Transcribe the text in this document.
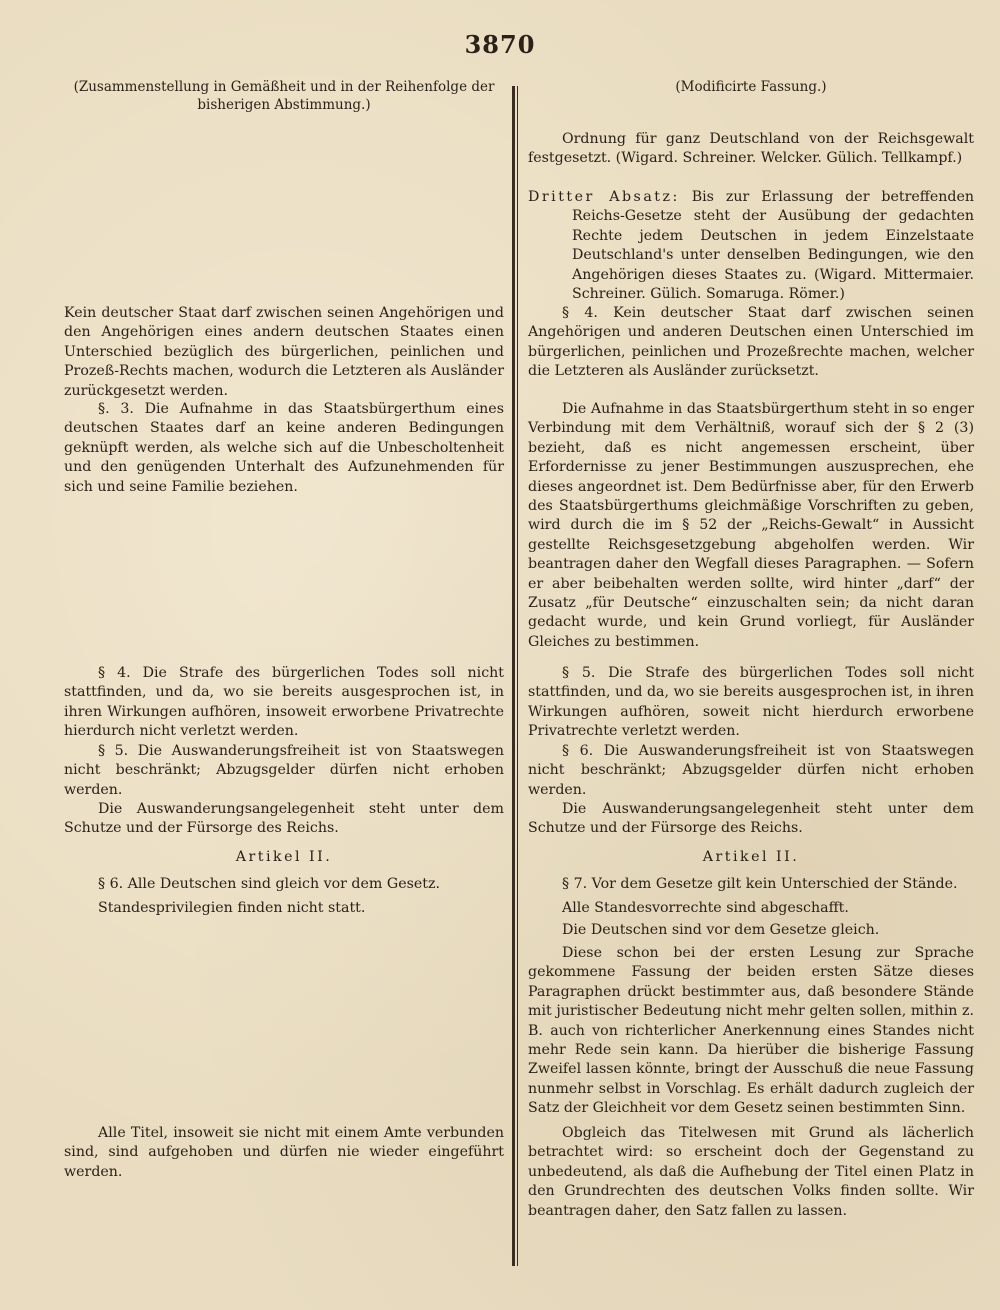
3870

(Zusammenstellung in Gemäßheit und in der Reihenfolge der bisherigen Abstimmung.)

Kein deutscher Staat darf zwischen seinen Angehörigen und den Angehörigen eines andern deutschen Staates einen Unterschied bezüglich des bürgerlichen, peinlichen und Prozeß-Rechts machen, wodurch die Letzteren als Ausländer zurückgesetzt werden.

§. 3. Die Aufnahme in das Staatsbürgerthum eines deutschen Staates darf an keine anderen Bedingungen geknüpft werden, als welche sich auf die Unbescholtenheit und den genügenden Unterhalt des Aufzunehmenden für sich und seine Familie beziehen.

§ 4. Die Strafe des bürgerlichen Todes soll nicht stattfinden, und da, wo sie bereits ausgesprochen ist, in ihren Wirkungen aufhören, insoweit erworbene Privatrechte hierdurch nicht verletzt werden.

§ 5. Die Auswanderungsfreiheit ist von Staatswegen nicht beschränkt; Abzugsgelder dürfen nicht erhoben werden.

Die Auswanderungsangelegenheit steht unter dem Schutze und der Fürsorge des Reichs.

Artikel II.

§ 6. Alle Deutschen sind gleich vor dem Gesetz.

Standesprivilegien finden nicht statt.

Alle Titel, insoweit sie nicht mit einem Amte verbunden sind, sind aufgehoben und dürfen nie wieder eingeführt werden.

(Modificirte Fassung.)

Ordnung für ganz Deutschland von der Reichsgewalt festgesetzt. (Wigard. Schreiner. Welcker. Gülich. Tellkampf.)

Dritter Absatz: Bis zur Erlassung der betreffenden Reichs-Gesetze steht der Ausübung der gedachten Rechte jedem Deutschen in jedem Einzelstaate Deutschland's unter denselben Bedingungen, wie den Angehörigen dieses Staates zu. (Wigard. Mittermaier. Schreiner. Gülich. Somaruga. Römer.)

§ 4. Kein deutscher Staat darf zwischen seinen Angehörigen und anderen Deutschen einen Unterschied im bürgerlichen, peinlichen und Prozeßrechte machen, welcher die Letzteren als Ausländer zurücksetzt.

Die Aufnahme in das Staatsbürgerthum steht in so enger Verbindung mit dem Verhältniß, worauf sich der § 2 (3) bezieht, daß es nicht angemessen erscheint, über Erfordernisse zu jener Bestimmungen auszusprechen, ehe dieses angeordnet ist. Dem Bedürfnisse aber, für den Erwerb des Staatsbürgerthums gleichmäßige Vorschriften zu geben, wird durch die im § 52 der „Reichs-Gewalt“ in Aussicht gestellte Reichsgesetzgebung abgeholfen werden. Wir beantragen daher den Wegfall dieses Paragraphen. — Sofern er aber beibehalten werden sollte, wird hinter „darf“ der Zusatz „für Deutsche“ einzuschalten sein; da nicht daran gedacht wurde, und kein Grund vorliegt, für Ausländer Gleiches zu bestimmen.

§ 5. Die Strafe des bürgerlichen Todes soll nicht stattfinden, und da, wo sie bereits ausgesprochen ist, in ihren Wirkungen aufhören, soweit nicht hierdurch erworbene Privatrechte verletzt werden.

§ 6. Die Auswanderungsfreiheit ist von Staatswegen nicht beschränkt; Abzugsgelder dürfen nicht erhoben werden.

Die Auswanderungsangelegenheit steht unter dem Schutze und der Fürsorge des Reichs.

Artikel II.

§ 7. Vor dem Gesetze gilt kein Unterschied der Stände.

Alle Standesvorrechte sind abgeschafft.

Die Deutschen sind vor dem Gesetze gleich.

Diese schon bei der ersten Lesung zur Sprache gekommene Fassung der beiden ersten Sätze dieses Paragraphen drückt bestimmter aus, daß besondere Stände mit juristischer Bedeutung nicht mehr gelten sollen, mithin z. B. auch von richterlicher Anerkennung eines Standes nicht mehr Rede sein kann. Da hierüber die bisherige Fassung Zweifel lassen könnte, bringt der Ausschuß die neue Fassung nunmehr selbst in Vorschlag. Es erhält dadurch zugleich der Satz der Gleichheit vor dem Gesetz seinen bestimmten Sinn.

Obgleich das Titelwesen mit Grund als lächerlich betrachtet wird: so erscheint doch der Gegenstand zu unbedeutend, als daß die Aufhebung der Titel einen Platz in den Grundrechten des deutschen Volks finden sollte. Wir beantragen daher, den Satz fallen zu lassen.
